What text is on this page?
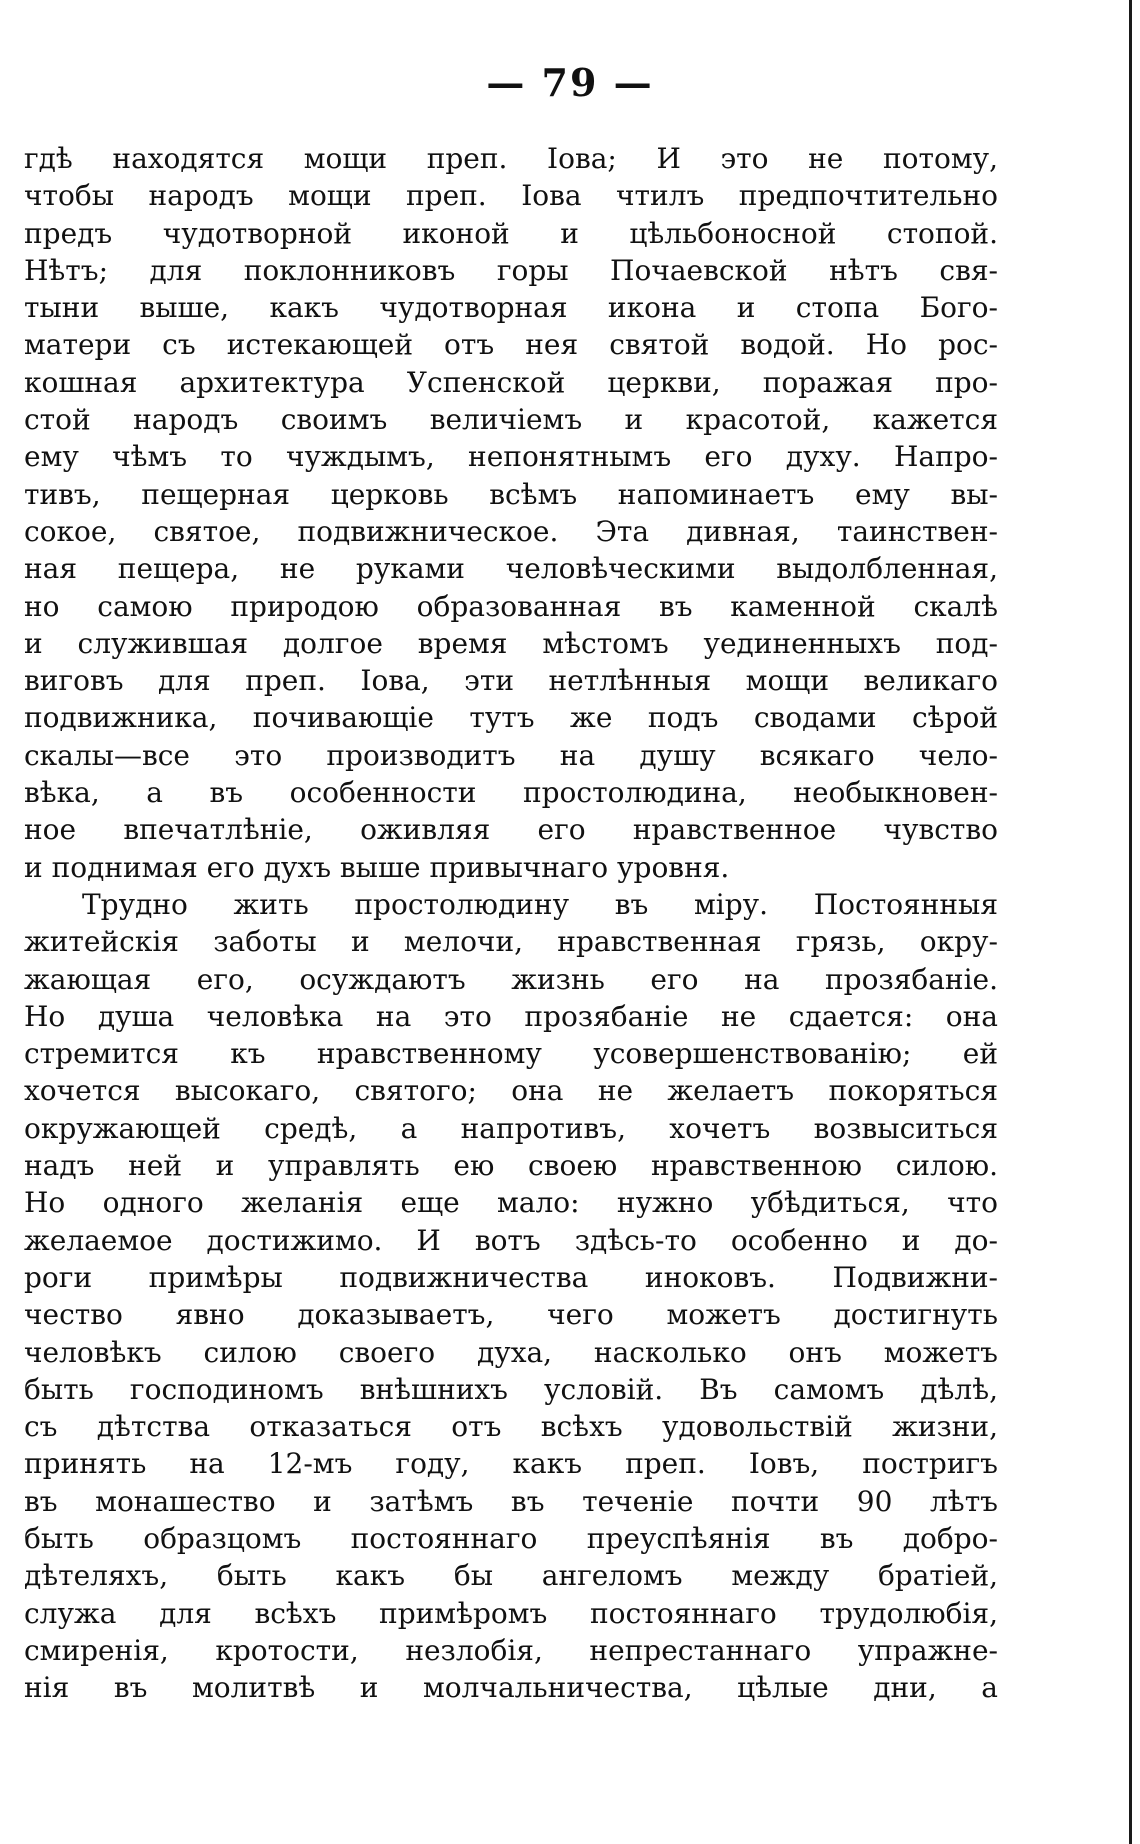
— 79 —
гдѣ находятся мощи преп. Іова; И это не потому,
чтобы народъ мощи преп. Іова чтилъ предпочтительно
предъ чудотворной иконой и цѣльбоносной стопой.
Нѣтъ; для поклонниковъ горы Почаевской нѣтъ свя-
тыни выше, какъ чудотворная икона и стопа Бого-
матери съ истекающей отъ нея святой водой. Но рос-
кошная архитектура Успенской церкви, поражая про-
стой народъ своимъ величіемъ и красотой, кажется
ему чѣмъ то чуждымъ, непонятнымъ его духу. Напро-
тивъ, пещерная церковь всѣмъ напоминаетъ ему вы-
сокое, святое, подвижническое. Эта дивная, таинствен-
ная пещера, не руками человѣческими выдолбленная,
но самою природою образованная въ каменной скалѣ
и служившая долгое время мѣстомъ уединенныхъ под-
виговъ для преп. Іова, эти нетлѣнныя мощи великаго
подвижника, почивающіе тутъ же подъ сводами сѣрой
скалы—все это производитъ на душу всякаго чело-
вѣка, а въ особенности простолюдина, необыкновен-
ное впечатлѣніе, оживляя его нравственное чувство
и поднимая его духъ выше привычнаго уровня.
Трудно жить простолюдину въ міру. Постоянныя
житейскія заботы и мелочи, нравственная грязь, окру-
жающая его, осуждаютъ жизнь его на прозябаніе.
Но душа человѣка на это прозябаніе не сдается: она
стремится къ нравственному усовершенствованію; ей
хочется высокаго, святого; она не желаетъ покоряться
окружающей средѣ, а напротивъ, хочетъ возвыситься
надъ ней и управлять ею своею нравственною силою.
Но одного желанія еще мало: нужно убѣдиться, что
желаемое достижимо. И вотъ здѣсь-то особенно и до-
роги примѣры подвижничества иноковъ. Подвижни-
чество явно доказываетъ, чего можетъ достигнуть
человѣкъ силою своего духа, насколько онъ можетъ
быть господиномъ внѣшнихъ условій. Въ самомъ дѣлѣ,
съ дѣтства отказаться отъ всѣхъ удовольствій жизни,
принять на 12-мъ году, какъ преп. Іовъ, постригъ
въ монашество и затѣмъ въ теченіе почти 90 лѣтъ
быть образцомъ постояннаго преуспѣянія въ добро-
дѣтеляхъ, быть какъ бы ангеломъ между братіей,
служа для всѣхъ примѣромъ постояннаго трудолюбія,
смиренія, кротости, незлобія, непрестаннаго упражне-
нія въ молитвѣ и молчальничества, цѣлые дни, а
